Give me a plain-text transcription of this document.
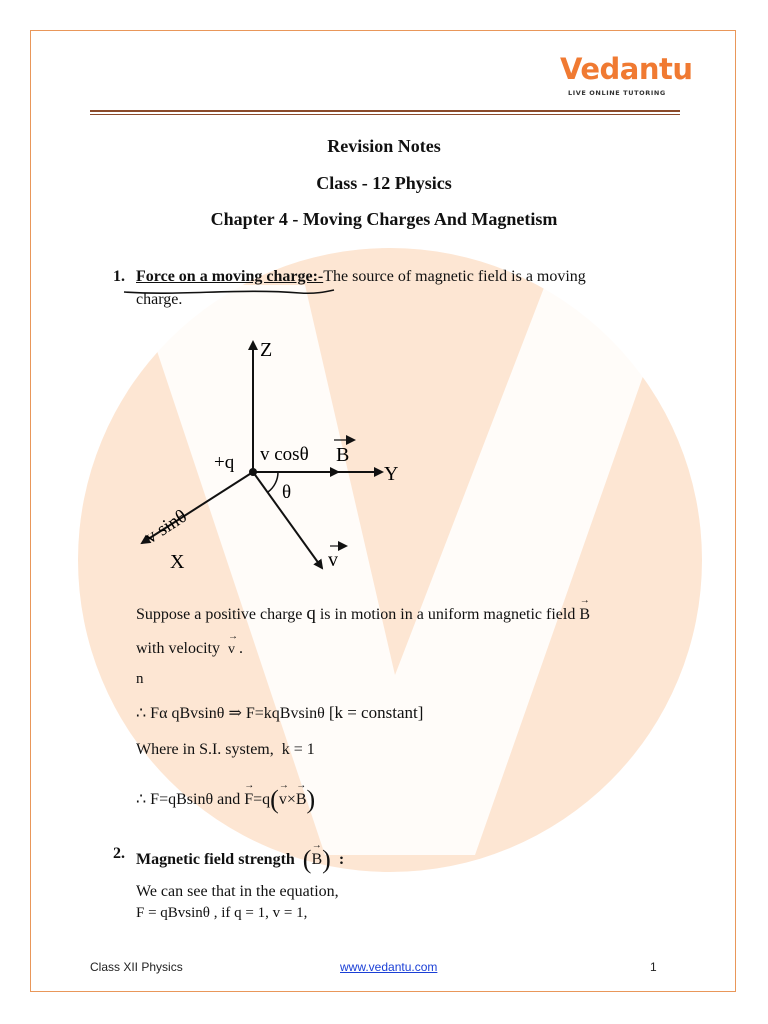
Vedantu
LIVE ONLINE TUTORING
Revision Notes
Class - 12 Physics
Chapter 4 - Moving Charges And Magnetism
1. Force on a moving charge:-The source of magnetic field is a moving
charge.
Z
Y
X	v
+q v cosθ B
θ
v sinθ
Suppose a positive charge q is in motion in a uniform magnetic field → B
with velocity → v .
n
∴ Fα qBvsinθ ⇒ F=kqBvsinθ [k = constant]
Where in S.I. system, k = 1
∴ F=qBsinθ and → F=q(→ v×→ B)
2. Magnetic field strength (→ B) :
We can see that in the equation,
F = qBvsinθ , if q = 1, v = 1,
Class XII Physics	www.vedantu.com	1
